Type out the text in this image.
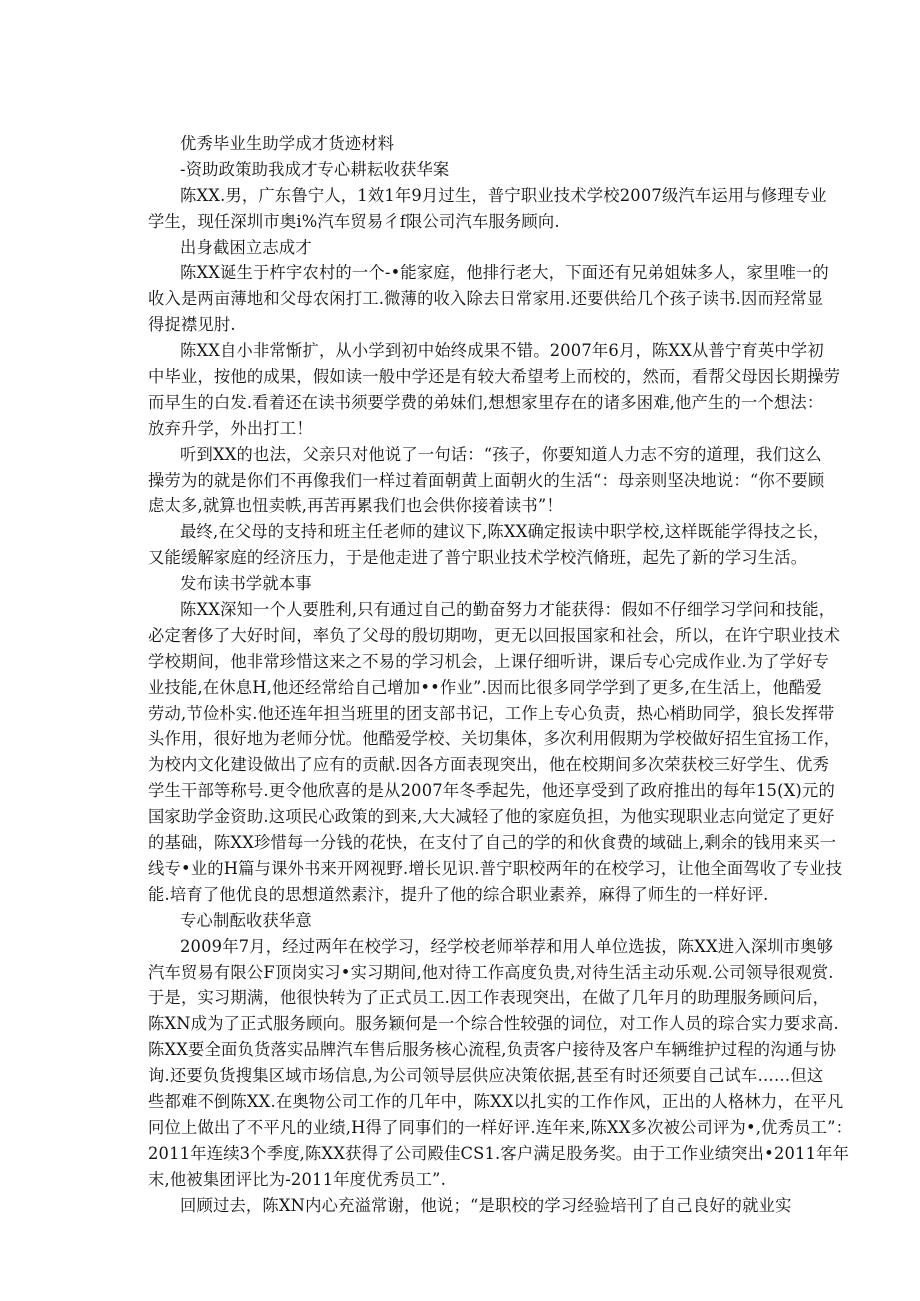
优秀毕业生助学成才货迹材料
-资助政策助我成才专心耕耘收获华案
陈XX.男，广东鲁宁人，1效1年9月过生，普宁职业技术学校2007级汽车运用与修理专业
学生，现任深圳市奥i%汽车贸易彳f限公司汽车服务顾向.
出身截困立志成才
陈XX诞生于杵宇农村的一个-•能家庭，他排行老大，下面还有兄弟姐妹多人，家里唯一的
收入是两亩薄地和父母农闲打工.微薄的收入除去日常家用.还要供给几个孩子读书.因而羟常显
得捉襟见肘.
陈XX自小非常惭扩，从小学到初中始终成果不错。2007年6月，陈XX从普宁育英中学初
中毕业，按他的成果，假如读一般中学还是有较大希望考上而校的，然而，看帮父母因长期操劳
而早生的白发.看着还在读书须要学费的弟妹们,想想家里存在的诸多困难,他产生的一个想法：
放弃升学，外出打工！
听到XX的也法，父亲只对他说了一句话：“孩子，你要知道人力志不穷的道理，我们这么
操劳为的就是你们不再像我们一样过着面朝黄上面朝火的生活“：母亲则坚决地说：“你不要顾
虑太多,就算也忸卖帙,再苦再累我们也会供你接着读书”！
最终,在父母的支持和班主任老师的建议下,陈XX确定报读中职学校,这样既能学得技之长，
又能缓解家庭的经济压力，于是他走进了普宁职业技术学校汽脩班，起先了新的学习生活。
发布读书学就本事
陈XX深知一个人要胜利,只有通过自己的勤奋努力才能获得：假如不仔细学习学问和技能，
必定奢侈了大好时间，率负了父母的殷切期吻，更无以回报国家和社会，所以，在许宁职业技术
学校期间，他非常珍惜这来之不易的学习机会，上课仔细听讲，课后专心完成作业.为了学好专
业技能,在休息H,他还经常给自己增加••作业”.因而比很多同学学到了更多,在生活上，他酷爱
劳动,节俭朴实.他还连年担当班里的团支部书记，工作上专心负责，热心梢助同学，狼长发挥带
头作用，很好地为老师分忧。他酷爱学校、关切集体，多次利用假期为学校做好招生宜扬工作，
为校内文化建设做出了应有的贡献.因各方面表现突出，他在校期间多次荣获校三好学生、优秀
学生干部等称号.更令他欣喜的是从2007年冬季起先，他还享受到了政府推出的每年15(X)元的
国家助学金资助.这项民心政策的到来,大大减轻了他的家庭负担，为他实现职业志向觉定了更好
的基础，陈XX珍惜每一分钱的花快，在支付了自己的学的和伙食费的域础上,剩余的钱用来买一
线专•业的H篇与课外书来开网视野.增长见识.普宁职校两年的在校学习，让他全面驾收了专业技
能.培育了他优良的思想道然素汴，提升了他的综合职业素养，麻得了师生的一样好评.
专心制酝收获华意
2009年7月，经过两年在校学习，经学校老师举荐和用人单位选拔，陈XX进入深圳市奥够
汽车贸易有限公F顶岗实习•实习期间,他对待工作高度负贵,对待生活主动乐观.公司领导很观赏.
于是，实习期满，他很快转为了正式员工.因工作表现突出，在做了几年月的助理服务顾问后，
陈XN成为了正式服务顾向。服务颖何是一个综合性较强的词位，对工作人员的琮合实力要求高.
陈XX要全面负货落实品牌汽车售后服务核心流程,负责客户接待及客户车辆维护过程的沟通与协
询.还要负货搜集区域市场信息,为公司领导层供应决策依据,甚至有时还须要自己试车……但这
些都难不倒陈XX.在奥物公司工作的几年中，陈XX以扎实的工作作风，正出的人格林力，在平凡
冋位上做出了不平凡的业绩,H得了同事们的一样好评.连年来,陈XX多次被公司评为•,优秀员工”：
2011年连续3个季度,陈XX获得了公司殿佳CS1.客户满足股务奖。由于工作业绩突出•2011年年
末,他被集团评比为-2011年度优秀员工”.
回顾过去，陈XN内心充溢常谢，他说；“是职校的学习经验培刊了自己良好的就业实
